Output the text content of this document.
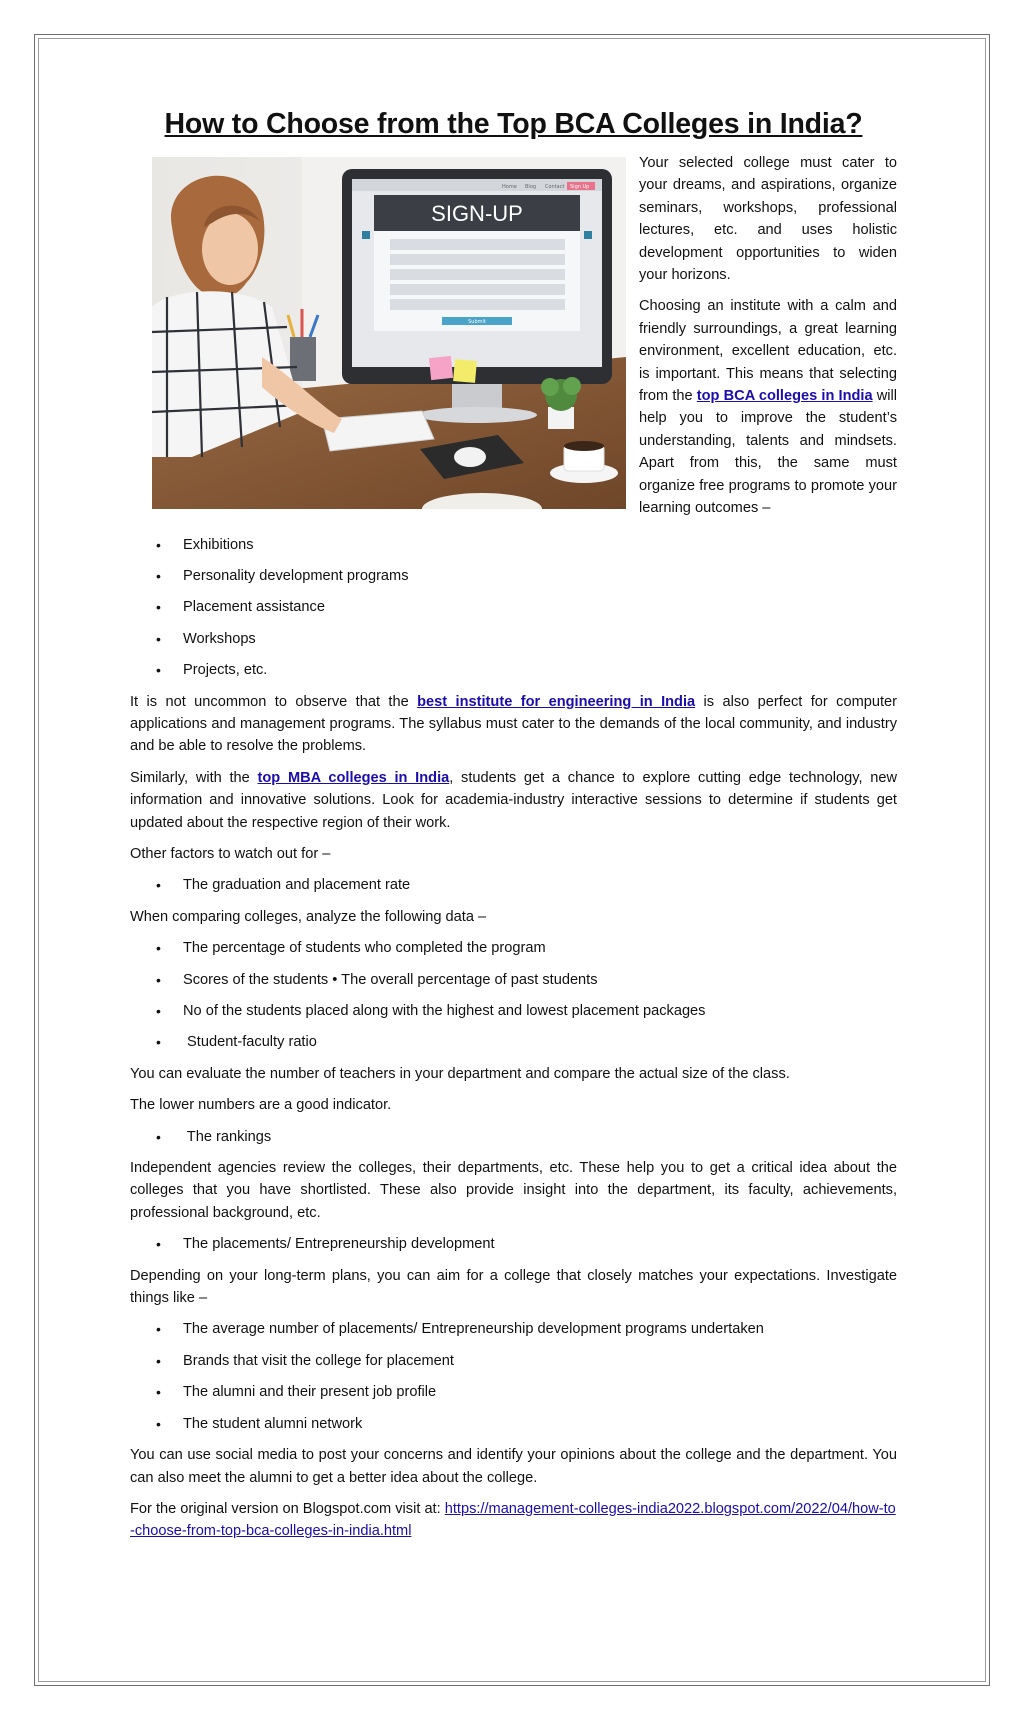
How to Choose from the Top BCA Colleges in India?
Home Blog Contact Sign Up
SIGN-UP
Submit

Your selected college must cater to your dreams, and aspirations, organize seminars, workshops, professional lectures, etc. and uses holistic development opportunities to widen your horizons.

Choosing an institute with a calm and friendly surroundings, a great learning environment, excellent education, etc. is important. This means that selecting from the top BCA colleges in India will help you to improve the student’s understanding, talents and mindsets. Apart from this, the same must organize free programs to promote your learning outcomes –

• Exhibitions
• Personality development programs
• Placement assistance
• Workshops
• Projects, etc.

It is not uncommon to observe that the best institute for engineering in India is also perfect for computer applications and management programs. The syllabus must cater to the demands of the local community, and industry and be able to resolve the problems.

Similarly, with the top MBA colleges in India, students get a chance to explore cutting edge technology, new information and innovative solutions. Look for academia-industry interactive sessions to determine if students get updated about the respective region of their work.

Other factors to watch out for –

• The graduation and placement rate

When comparing colleges, analyze the following data –

• The percentage of students who completed the program
• Scores of the students • The overall percentage of past students
• No of the students placed along with the highest and lowest placement packages
•  Student-faculty ratio

You can evaluate the number of teachers in your department and compare the actual size of the class.

The lower numbers are a good indicator.

•  The rankings

Independent agencies review the colleges, their departments, etc. These help you to get a critical idea about the colleges that you have shortlisted. These also provide insight into the department, its faculty, achievements, professional background, etc.

• The placements/ Entrepreneurship development

Depending on your long-term plans, you can aim for a college that closely matches your expectations. Investigate things like –

• The average number of placements/ Entrepreneurship development programs undertaken
• Brands that visit the college for placement
• The alumni and their present job profile
• The student alumni network

You can use social media to post your concerns and identify your opinions about the college and the department. You can also meet the alumni to get a better idea about the college.

For the original version on Blogspot.com visit at: https://management-colleges-india2022.blogspot.com/2022/04/how-to-choose-from-top-bca-colleges-in-india.html
